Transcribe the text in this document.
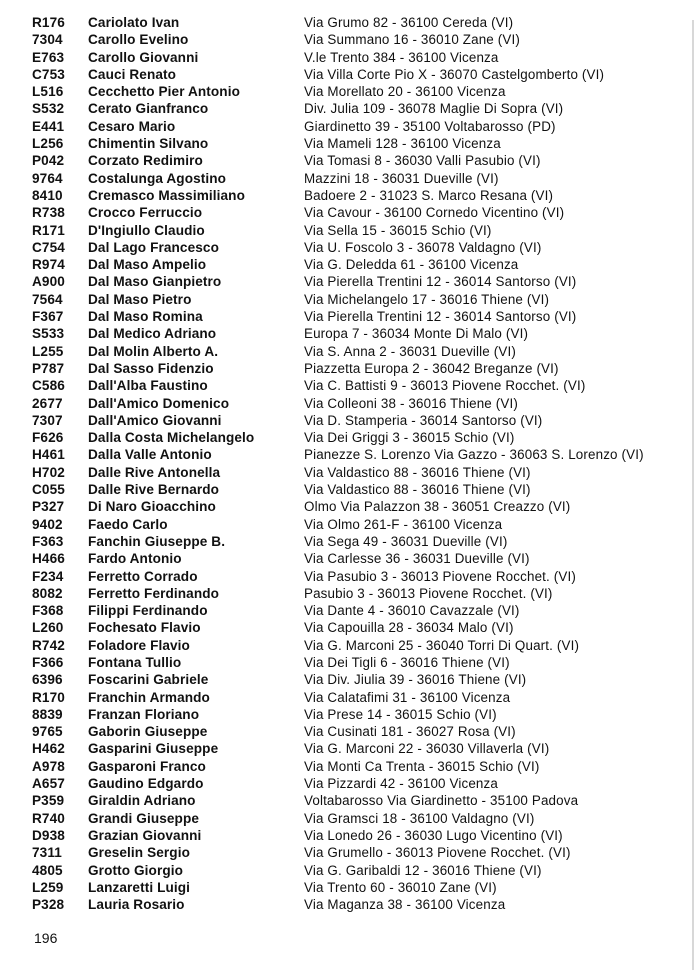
R176 Cariolato Ivan	Via Grumo 82 - 36100 Cereda (VI)
7304 Carollo Evelino	Via Summano 16 - 36010 Zane (VI)
E763 Carollo Giovanni	V.le Trento 384 - 36100 Vicenza
C753 Cauci Renato	Via Villa Corte Pio X - 36070 Castelgomberto (VI)
L516 Cecchetto Pier Antonio	Via Morellato 20 - 36100 Vicenza
S532 Cerato Gianfranco	Div. Julia 109 - 36078 Maglie Di Sopra (VI)
E441 Cesaro Mario	Giardinetto 39 - 35100 Voltabarosso (PD)
L256 Chimentin Silvano	Via Mameli 128 - 36100 Vicenza
P042 Corzato Redimiro	Via Tomasi 8 - 36030 Valli Pasubio (VI)
9764 Costalunga Agostino	Mazzini 18 - 36031 Dueville (VI)
8410 Cremasco Massimiliano	Badoere 2 - 31023 S. Marco Resana (VI)
R738 Crocco Ferruccio	Via Cavour - 36100 Cornedo Vicentino (VI)
R171 D'Ingiullo Claudio	Via Sella 15 - 36015 Schio (VI)
C754 Dal Lago Francesco	Via U. Foscolo 3 - 36078 Valdagno (VI)
R974 Dal Maso Ampelio	Via G. Deledda 61 - 36100 Vicenza
A900 Dal Maso Gianpietro	Via Pierella Trentini 12 - 36014 Santorso (VI)
7564 Dal Maso Pietro	Via Michelangelo 17 - 36016 Thiene (VI)
F367 Dal Maso Romina	Via Pierella Trentini 12 - 36014 Santorso (VI)
S533 Dal Medico Adriano	Europa 7 - 36034 Monte Di Malo (VI)
L255 Dal Molin Alberto A.	Via S. Anna 2 - 36031 Dueville (VI)
P787 Dal Sasso Fidenzio	Piazzetta Europa 2 - 36042 Breganze (VI)
C586 Dall'Alba Faustino	Via C. Battisti 9 - 36013 Piovene Rocchet. (VI)
2677 Dall'Amico Domenico	Via Colleoni 38 - 36016 Thiene (VI)
7307 Dall'Amico Giovanni	Via D. Stamperia - 36014 Santorso (VI)
F626 Dalla Costa Michelangelo	Via Dei Griggi 3 - 36015 Schio (VI)
H461 Dalla Valle Antonio	Pianezze S. Lorenzo Via Gazzo - 36063 S. Lorenzo (VI)
H702 Dalle Rive Antonella	Via Valdastico 88 - 36016 Thiene (VI)
C055 Dalle Rive Bernardo	Via Valdastico 88 - 36016 Thiene (VI)
P327 Di Naro Gioacchino	Olmo Via Palazzon 38 - 36051 Creazzo (VI)
9402 Faedo Carlo	Via Olmo 261-F - 36100 Vicenza
F363 Fanchin Giuseppe B.	Via Sega 49 - 36031 Dueville (VI)
H466 Fardo Antonio	Via Carlesse 36 - 36031 Dueville (VI)
F234 Ferretto Corrado	Via Pasubio 3 - 36013 Piovene Rocchet. (VI)
8082 Ferretto Ferdinando	Pasubio 3 - 36013 Piovene Rocchet. (VI)
F368 Filippi Ferdinando	Via Dante 4 - 36010 Cavazzale (VI)
L260 Fochesato Flavio	Via Capouilla 28 - 36034 Malo (VI)
R742 Foladore Flavio	Via G. Marconi 25 - 36040 Torri Di Quart. (VI)
F366 Fontana Tullio	Via Dei Tigli 6 - 36016 Thiene (VI)
6396 Foscarini Gabriele	Via Div. Jiulia 39 - 36016 Thiene (VI)
R170 Franchin Armando	Via Calatafimi 31 - 36100 Vicenza
8839 Franzan Floriano	Via Prese 14 - 36015 Schio (VI)
9765 Gaborin Giuseppe	Via Cusinati 181 - 36027 Rosa (VI)
H462 Gasparini Giuseppe	Via G. Marconi 22 - 36030 Villaverla (VI)
A978 Gasparoni Franco	Via Monti Ca Trenta - 36015 Schio (VI)
A657 Gaudino Edgardo	Via Pizzardi 42 - 36100 Vicenza
P359 Giraldin Adriano	Voltabarosso Via Giardinetto - 35100 Padova
R740 Grandi Giuseppe	Via Gramsci 18 - 36100 Valdagno (VI)
D938 Grazian Giovanni	Via Lonedo 26 - 36030 Lugo Vicentino (VI)
7311 Greselin Sergio	Via Grumello - 36013 Piovene Rocchet. (VI)
4805 Grotto Giorgio	Via G. Garibaldi 12 - 36016 Thiene (VI)
L259 Lanzaretti Luigi	Via Trento 60 - 36010 Zane (VI)
P328 Lauria Rosario	Via Maganza 38 - 36100 Vicenza
196
